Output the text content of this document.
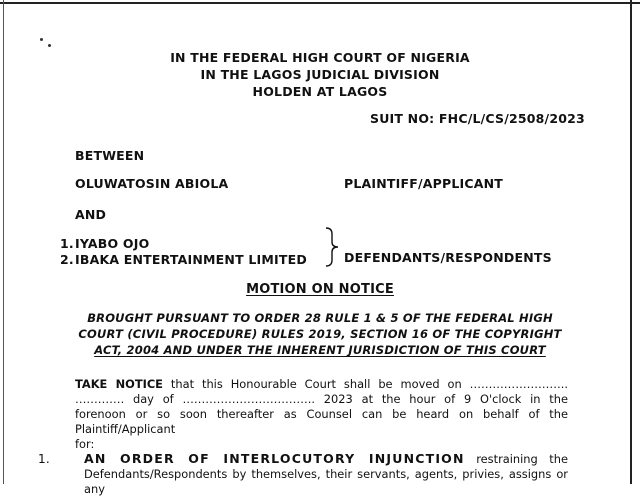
IN THE FEDERAL HIGH COURT OF NIGERIA
IN THE LAGOS JUDICIAL DIVISION
HOLDEN AT LAGOS
SUIT NO: FHC/L/CS/2508/2023
BETWEEN
OLUWATOSIN ABIOLA	PLAINTIFF/APPLICANT
AND
1. IYABO OJO
2. IBAKA ENTERTAINMENT LIMITED	DEFENDANTS/RESPONDENTS
MOTION ON NOTICE
BROUGHT PURSUANT TO ORDER 28 RULE 1 & 5 OF THE FEDERAL HIGH
COURT (CIVIL PROCEDURE) RULES 2019, SECTION 16 OF THE COPYRIGHT
ACT, 2004 AND UNDER THE INHERENT JURISDICTION OF THIS COURT
TAKE NOTICE that this Honourable Court shall be moved on ……………………..
…………. day of …………………………….. 2023 at the hour of 9 O'clock in the
forenoon or so soon thereafter as Counsel can be heard on behalf of the Plaintiff/Applicant
for:
1.	AN ORDER OF INTERLOCUTORY INJUNCTION restraining the
Defendants/Respondents by themselves, their servants, agents, privies, assigns or any
